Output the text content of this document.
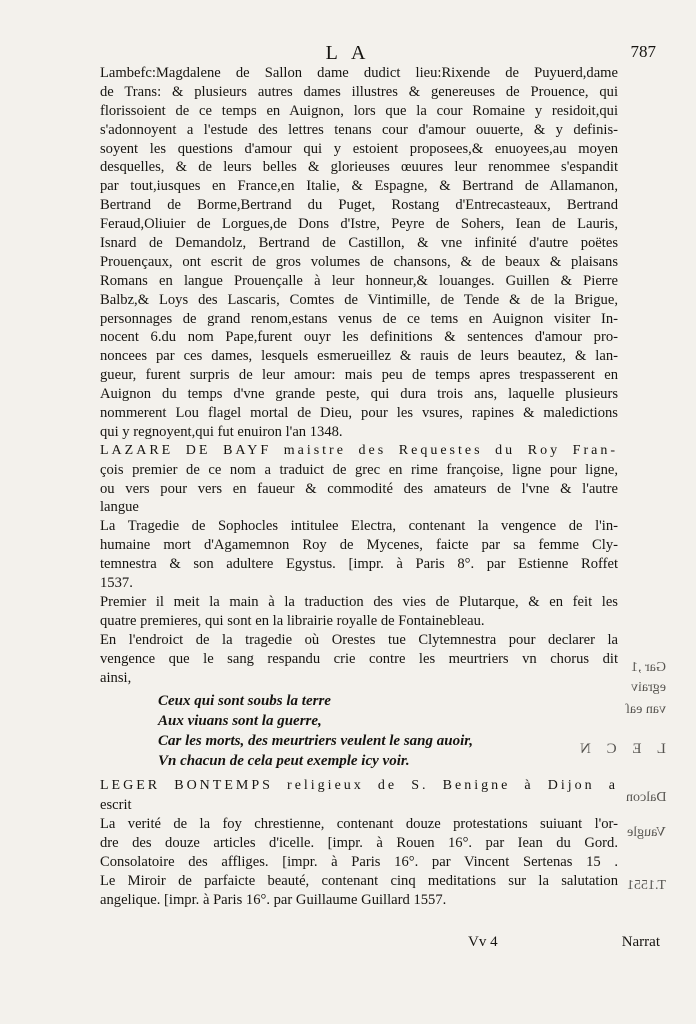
L A	787
Lambefc:Magdalene de Sallon dame dudict lieu:Rixende de Puyuerd,dame
de Trans: & plusieurs autres dames illustres & genereuses de Prouence, qui
florissoient de ce temps en Auignon, lors que la cour Romaine y residoit,qui
s'adonnoyent a l'estude des lettres tenans cour d'amour ouuerte, & y definis-
soyent les questions d'amour qui y estoient proposees,& enuoyees,au moyen
desquelles, & de leurs belles & glorieuses œuures leur renommee s'espandit
par tout,iusques en France,en Italie, & Espagne, & Bertrand de Allamanon,
Bertrand de Borme,Bertrand du Puget, Rostang d'Entrecasteaux, Bertrand
Feraud,Oliuier de Lorgues,de Dons d'Istre, Peyre de Sohers, Iean de Lauris,
Isnard de Demandolz, Bertrand de Castillon, & vne infinité d'autre poëtes
Prouençaux, ont escrit de gros volumes de chansons, & de beaux & plaisans
Romans en langue Prouençalle à leur honneur,& louanges. Guillen & Pierre
Balbz,& Loys des Lascaris, Comtes de Vintimille, de Tende & de la Brigue,
personnages de grand renom,estans venus de ce tems en Auignon visiter In-
nocent 6.du nom Pape,furent ouyr les definitions & sentences d'amour pro-
noncees par ces dames, lesquels esmerueillez & rauis de leurs beautez, & lan-
gueur, furent surpris de leur amour: mais peu de temps apres trespasserent en
Auignon du temps d'vne grande peste, qui dura trois ans, laquelle plusieurs
nommerent Lou flagel mortal de Dieu, pour les vsures, rapines & maledictions
qui y regnoyent,qui fut enuiron l'an 1348.
LAZARE DE BAYF maistre des Requestes du Roy Fran-
çois premier de ce nom a traduict de grec en rime françoise, ligne pour ligne,
ou vers pour vers en faueur & commodité des amateurs de l'vne & l'autre
langue
La Tragedie de Sophocles intitulee Electra, contenant la vengence de l'in-
humaine mort d'Agamemnon Roy de Mycenes, faicte par sa femme Cly-
temnestra & son adultere Egystus. [impr. à Paris 8°. par Estienne Roffet
1537.
Premier il meit la main à la traduction des vies de Plutarque, & en feit les
quatre premieres, qui sont en la librairie royalle de Fontainebleau.
En l'endroict de la tragedie où Orestes tue Clytemnestra pour declarer la
vengence que le sang respandu crie contre les meurtriers vn chorus dit
ainsi,
Ceux qui sont soubs la terre
Aux viuans sont la guerre,
Car les morts, des meurtriers veulent le sang auoir,
Vn chacun de cela peut exemple icy voir.
LEGER BONTEMPS religieux de S. Benigne à Dijon a
escrit
La verité de la foy chrestienne, contenant douze protestations suiuant l'or-
dre des douze articles d'icelle. [impr. à Rouen 16°. par Iean du Gord.
Consolatoire des affliges. [impr. à Paris 16°. par Vincent Sertenas 15 .
Le Miroir de parfaicte beauté, contenant cinq meditations sur la salutation
angelique. [impr. à Paris 16°. par Guillaume Guillard 1557.
Vv 4	Narrat
Gar ,1
egraiv
van eaſ
L E C N
Dalcon
Vaugle
T.1551
